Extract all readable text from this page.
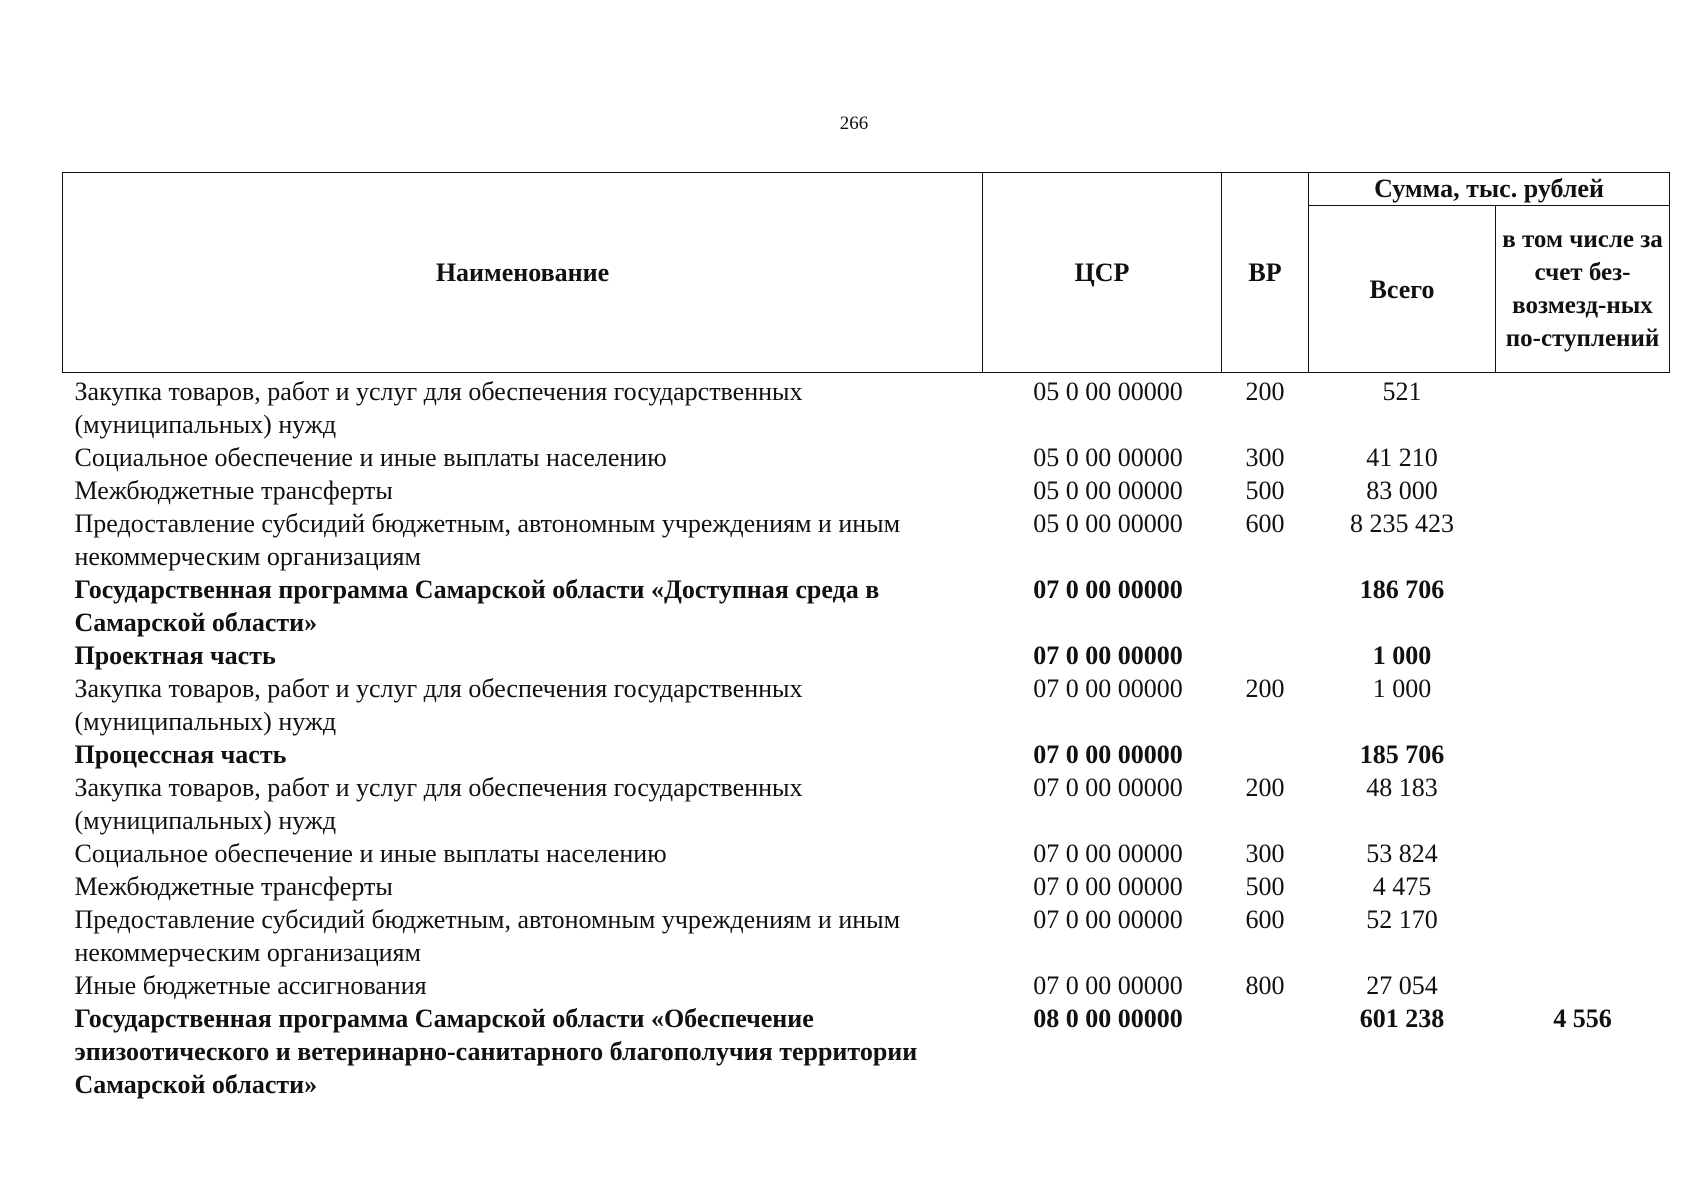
266
Наименование	ЦСР	ВР	Сумма, тыс. рублей	
			Всего	в том числе за счет без-возмезд-ных по-ступлений
Закупка товаров, работ и услуг для обеспечения государственных (муниципальных) нужд	05 0 00 00000	200	521	
Социальное обеспечение и иные выплаты населению	05 0 00 00000	300	41 210	
Межбюджетные трансферты	05 0 00 00000	500	83 000	
Предоставление субсидий бюджетным, автономным учреждениям и иным некоммерческим организациям	05 0 00 00000	600	8 235 423	
Государственная программа Самарской области «Доступная среда в Самарской области»	07 0 00 00000		186 706	
Проектная часть	07 0 00 00000		1 000	
Закупка товаров, работ и услуг для обеспечения государственных (муниципальных) нужд	07 0 00 00000	200	1 000	
Процессная часть	07 0 00 00000		185 706	
Закупка товаров, работ и услуг для обеспечения государственных (муниципальных) нужд	07 0 00 00000	200	48 183	
Социальное обеспечение и иные выплаты населению	07 0 00 00000	300	53 824	
Межбюджетные трансферты	07 0 00 00000	500	4 475	
Предоставление субсидий бюджетным, автономным учреждениям и иным некоммерческим организациям	07 0 00 00000	600	52 170	
Иные бюджетные ассигнования	07 0 00 00000	800	27 054	
Государственная программа Самарской области «Обеспечение эпизоотического и ветеринарно-санитарного благополучия территории Самарской области»	08 0 00 00000		601 238	4 556
